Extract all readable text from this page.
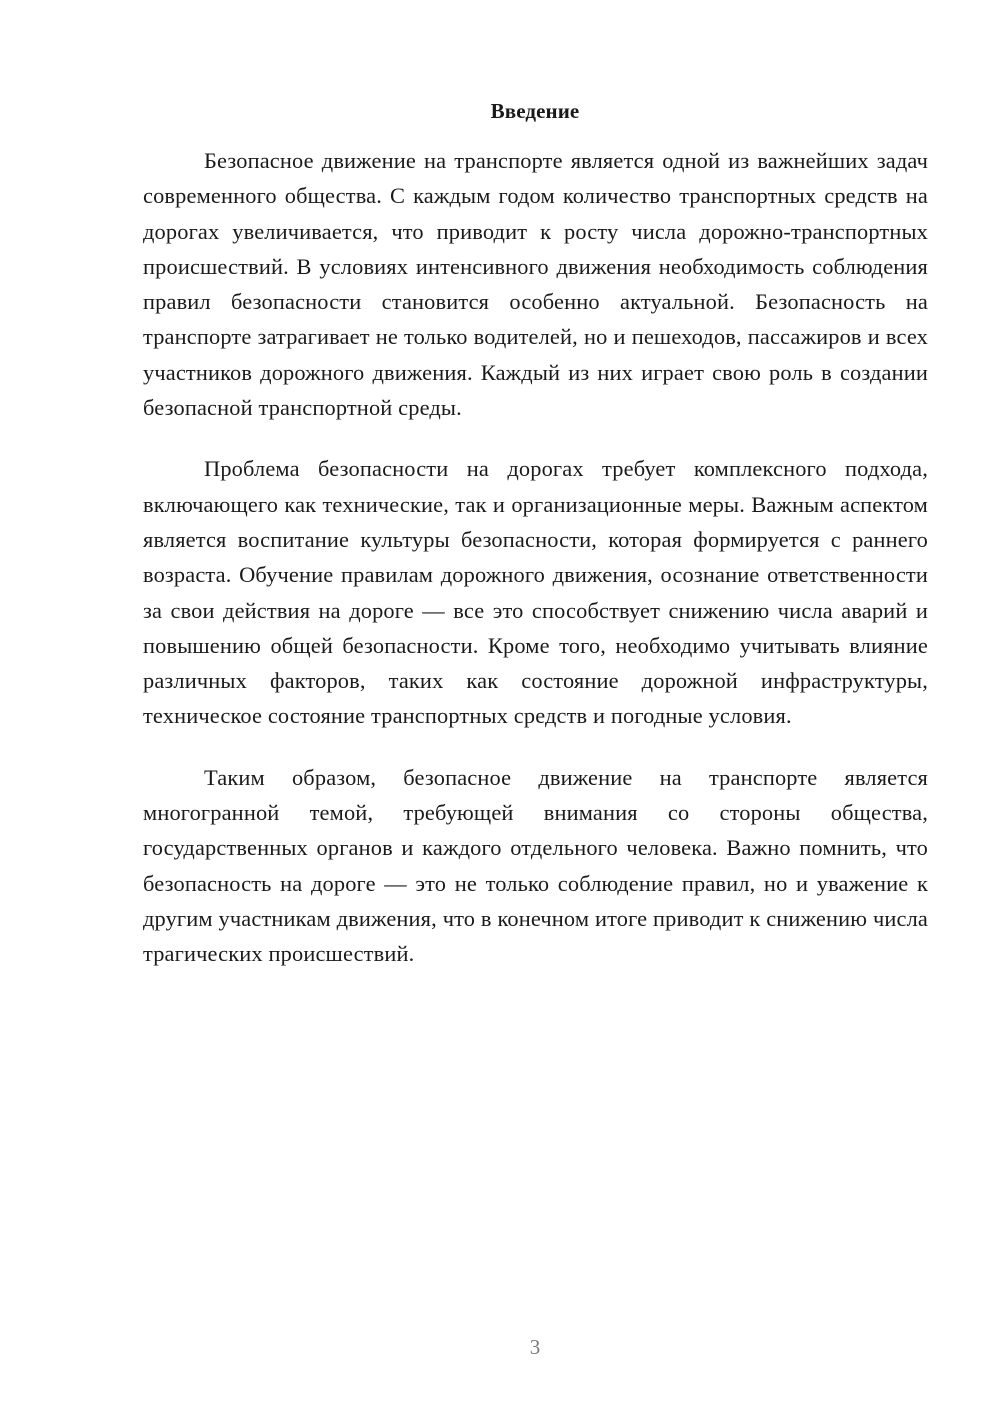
Введение

Безопасное движение на транспорте является одной из важнейших задач современного общества. С каждым годом количество транспортных средств на дорогах увеличивается, что приводит к росту числа дорожно-транспортных происшествий. В условиях интенсивного движения необходимость соблюдения правил безопасности становится особенно актуальной. Безопасность на транспорте затрагивает не только водителей, но и пешеходов, пассажиров и всех участников дорожного движения. Каждый из них играет свою роль в создании безопасной транспортной среды.

Проблема безопасности на дорогах требует комплексного подхода, включающего как технические, так и организационные меры. Важным аспектом является воспитание культуры безопасности, которая формируется с раннего возраста. Обучение правилам дорожного движения, осознание ответственности за свои действия на дороге — все это способствует снижению числа аварий и повышению общей безопасности. Кроме того, необходимо учитывать влияние различных факторов, таких как состояние дорожной инфраструктуры, техническое состояние транспортных средств и погодные условия.

Таким образом, безопасное движение на транспорте является многогранной темой, требующей внимания со стороны общества, государственных органов и каждого отдельного человека. Важно помнить, что безопасность на дороге — это не только соблюдение правил, но и уважение к другим участникам движения, что в конечном итоге приводит к снижению числа трагических происшествий.

3
